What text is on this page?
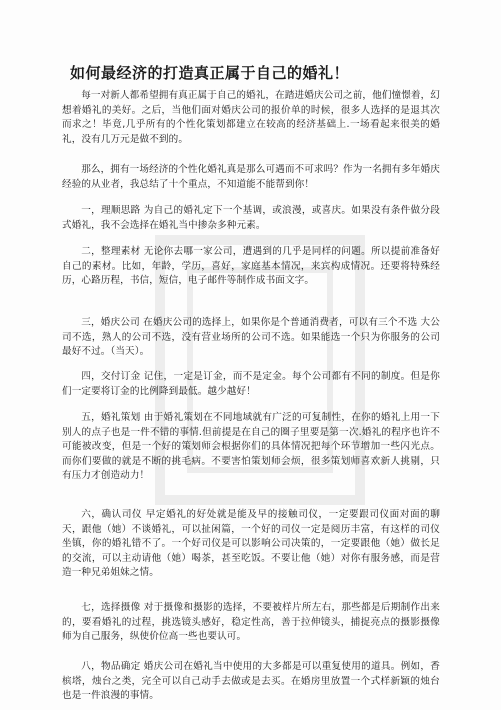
如何最经济的打造真正属于自己的婚礼！

每一对新人都希望拥有真正属于自己的婚礼，在踏进婚庆公司之前，他们憧憬着，幻想着婚礼的美好。之后，当他们面对婚庆公司的报价单的时候，很多人选择的是退其次而求之！毕竟,几乎所有的个性化策划都建立在较高的经济基础上.一场看起来很美的婚礼，没有几万元是做不到的。

那么，拥有一场经济的个性化婚礼真是那么可遇而不可求吗？作为一名拥有多年婚庆经验的从业者，我总结了十个重点，不知道能不能帮到你！

一，理顺思路 为自己的婚礼定下一个基调，或浪漫，或喜庆。如果没有条件做分段式婚礼，我不会选择在婚礼当中掺杂多种元素。

二，整理素材 无论你去哪一家公司，遭遇到的几乎是同样的问题。所以提前准备好自己的素材。比如，年龄，学历，喜好，家庭基本情况，来宾构成情况。还要将特殊经历，心路历程，书信，短信，电子邮件等制作成书面文字。

三，婚庆公司 在婚庆公司的选择上，如果你是个普通消费者，可以有三个不选 大公司不选，熟人的公司不选，没有营业场所的公司不选。如果能选一个只为你服务的公司最好不过。（当天）。

四，交付订金 记住，一定是订金，而不是定金。每个公司都有不同的制度。但是你们一定要将订金的比例降到最低。越少越好！

五，婚礼策划 由于婚礼策划在不同地域就有广泛的可复制性，在你的婚礼上用一下别人的点子也是一件不错的事情.但前提是在自己的圈子里要是第一次.婚礼的程序也许不可能被改变，但是一个好的策划师会根据你们的具体情况把每个环节增加一些闪光点。而你们要做的就是不断的挑毛病。不要害怕策划师会烦，很多策划师喜欢新人挑剔，只有压力才创造动力！

六，确认司仪 早定婚礼的好处就是能及早的接触司仪，一定要跟司仪面对面的聊天，跟他（她）不谈婚礼，可以扯闲篇，一个好的司仪一定是阅历丰富，有这样的司仪坐镇，你的婚礼错不了。一个好司仪是可以影响公司决策的，一定要跟他（她）做长足的交流，可以主动请他（她）喝茶，甚至吃饭。不要让他（她）对你有服务感，而是营造一种兄弟姐妹之情。

七，选择摄像 对于摄像和摄影的选择，不要被样片所左右，那些都是后期制作出来的，要看婚礼的过程，挑选镜头感好，稳定性高，善于拉伸镜头，捕捉亮点的摄影摄像师为自己服务，纵使价位高一些也要认可。

八，物品确定 婚庆公司在婚礼当中使用的大多都是可以重复使用的道具。例如，香槟塔，烛台之类，完全可以自己动手去做或是去买。在婚房里放置一个式样新颖的烛台也是一件浪漫的事情。
